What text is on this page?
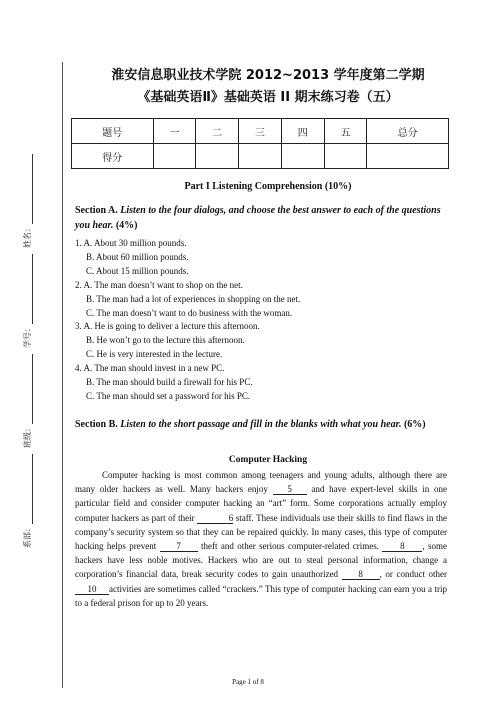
姓名：
学号：
班级：
系部：
淮安信息职业技术学院 2012~2013 学年度第二学期
《基础英语Ⅱ》基础英语 II 期末练习卷（五）
题号	一	二	三	四	五	总分
得分						
Part I Listening Comprehension (10%)
Section A. Listen to the four dialogs, and choose the best answer to each of the questions you hear. (4%)
1. A. About 30 million pounds.
B. About 60 million pounds.
C. About 15 million pounds.
2. A. The man doesn’t want to shop on the net.
B. The man had a lot of experiences in shopping on the net.
C. The man doesn’t want to do business with the woman.
3. A. He is going to deliver a lecture this afternoon.
B. He won’t go to the lecture this afternoon.
C. He is very interested in the lecture.
4. A. The man should invest in a new PC.
B. The man should build a firewall for his PC.
C. The man should set a password for his PC.
Section B. Listen to the short passage and fill in the blanks with what you hear. (6%)
Computer Hacking
   Computer hacking is most common among teenagers and young adults, although there are many older hackers as well. Many hackers enjoy 5 and have expert-level skills in one particular field and consider computer hacking an “art” form. Some corporations actually employ computer hackers as part of their	6 staff. These individuals use their skills to find flaws in the company’s security system so that they can be repaired quickly. In many cases, this type of computer hacking helps prevent 7 theft and other serious computer-related crimes. 8 , some hackers have less noble motives. Hackers who are out to steal personal information, change a corporation’s financial data, break security codes to gain unauthorized 8 , or conduct other10 activities are sometimes called “crackers.” This type of computer hacking can earn you a trip to a federal prison for up to 20 years.
Page 1 of 8
